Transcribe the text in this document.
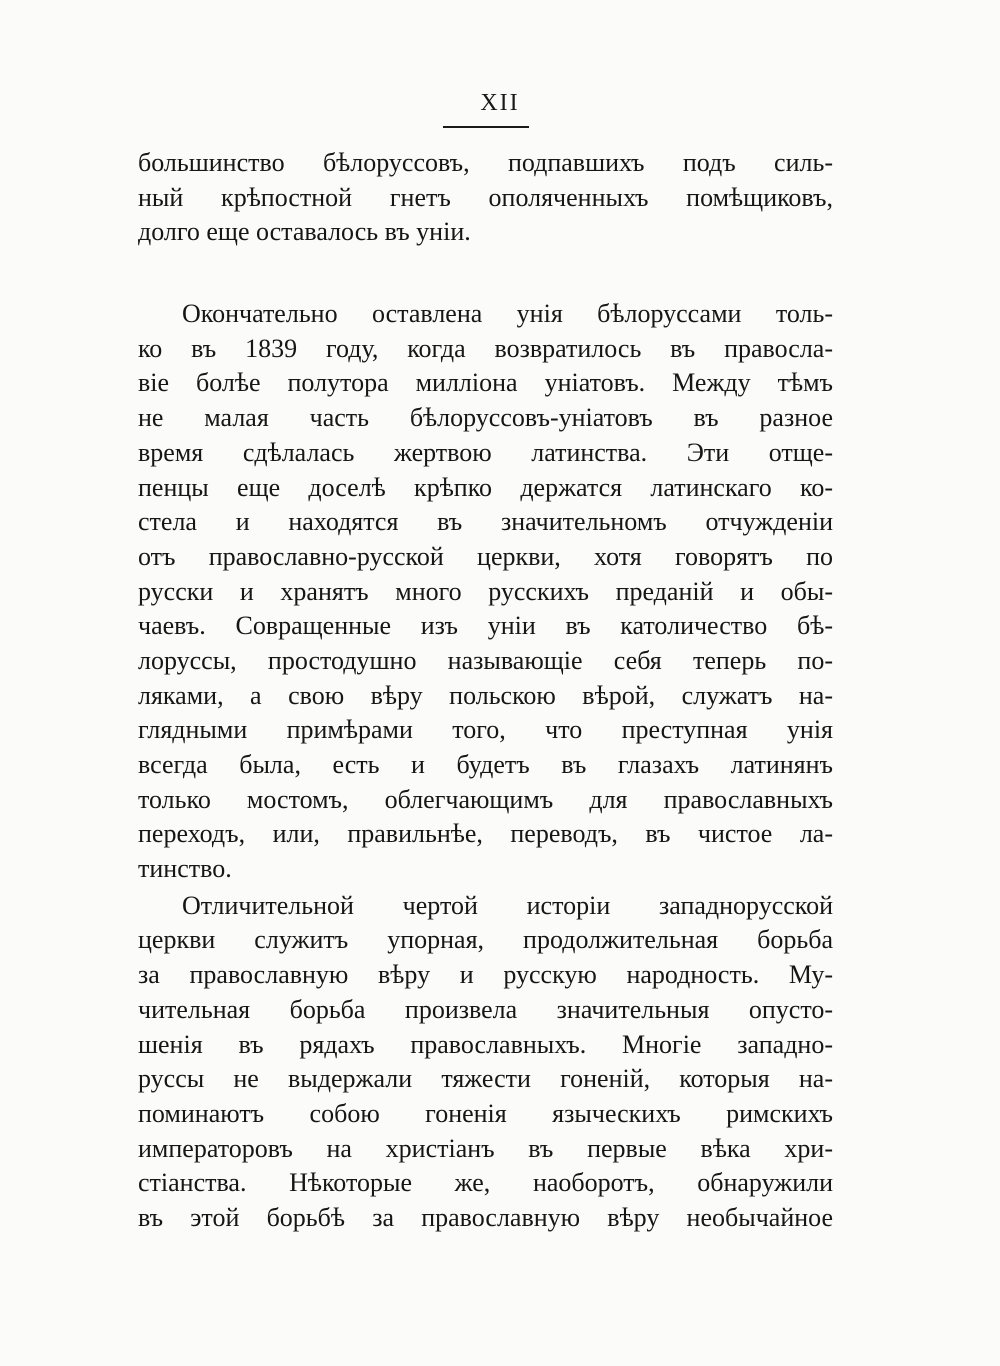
XII
большинство бѣлоруссовъ, подпавшихъ подъ силь-
ный крѣпостной гнетъ ополяченныхъ помѣщиковъ,
долго еще оставалось въ уніи.
Окончательно оставлена унія бѣлоруссами толь-
ко въ 1839 году, когда возвратилось въ правосла-
віе болѣе полутора милліона уніатовъ. Между тѣмъ
не малая часть бѣлоруссовъ-уніатовъ въ разное
время сдѣлалась жертвою латинства. Эти отще-
пенцы еще доселѣ крѣпко держатся латинскаго ко-
стела и находятся въ значительномъ отчужденіи
отъ православно-русской церкви, хотя говорятъ по
русски и хранятъ много русскихъ преданій и обы-
чаевъ. Совращенные изъ уніи въ католичество бѣ-
лоруссы, простодушно называющіе себя теперь по-
ляками, а свою вѣру польскою вѣрой, служатъ на-
глядными примѣрами того, что преступная унія
всегда была, есть и будетъ въ глазахъ латинянъ
только мостомъ, облегчающимъ для православныхъ
переходъ, или, правильнѣе, переводъ, въ чистое ла-
тинство.
Отличительной чертой исторіи западнорусской
церкви служитъ упорная, продолжительная борьба
за православную вѣру и русскую народность. Му-
чительная борьба произвела значительныя опусто-
шенія въ рядахъ православныхъ. Многіе западно-
руссы не выдержали тяжести гоненій, которыя на-
поминаютъ собою гоненія языческихъ римскихъ
императоровъ на христіанъ въ первые вѣка хри-
стіанства. Нѣкоторые же, наоборотъ, обнаружили
въ этой борьбѣ за православную вѣру необычайное
